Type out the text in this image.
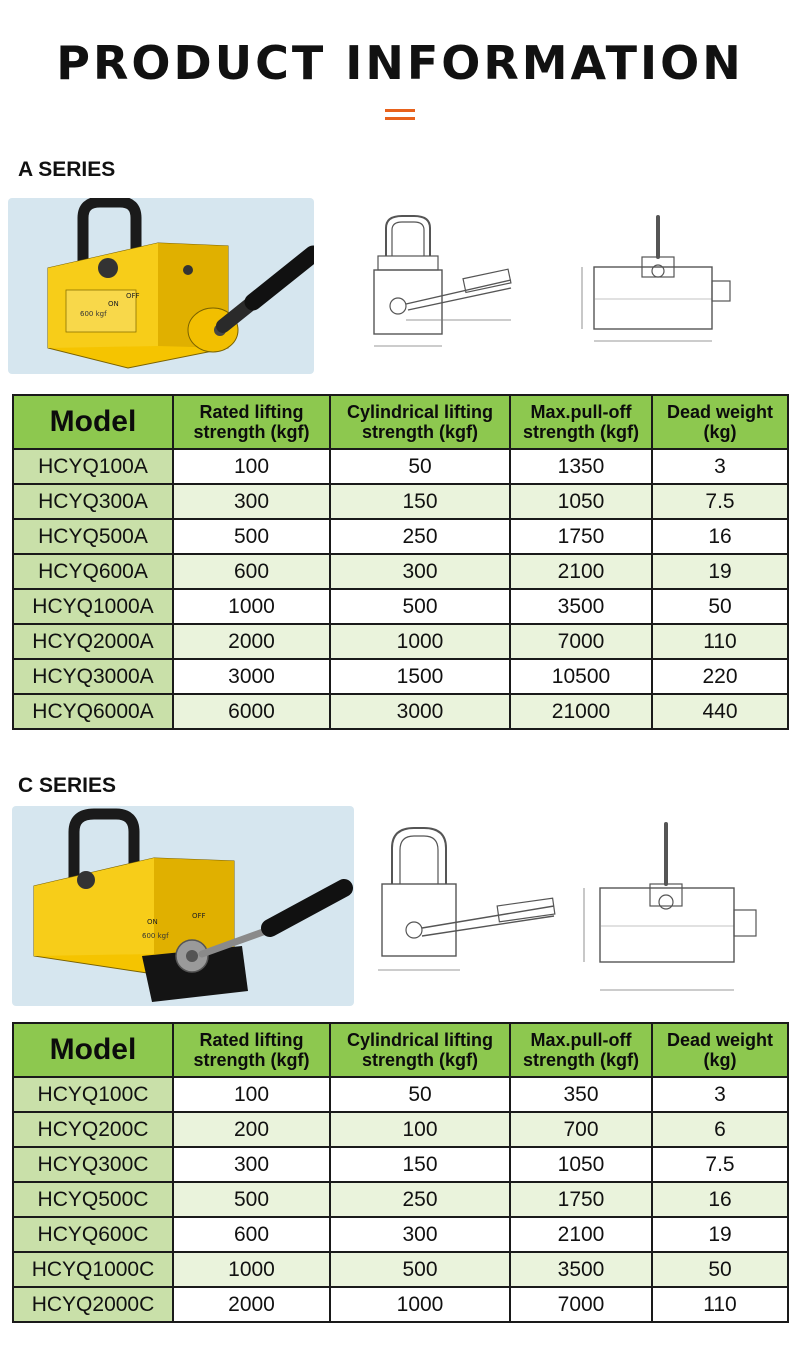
PRODUCT INFORMATION
A SERIES
600 kgf
ON
OFF
Model	Rated lifting strength (kgf)	Cylindrical lifting strength (kgf)	Max.pull-off strength (kgf)	Dead weight (kg)
HCYQ100A	100	50	1350	3
HCYQ300A	300	150	1050	7.5
HCYQ500A	500	250	1750	16
HCYQ600A	600	300	2100	19
HCYQ1000A	1000	500	3500	50
HCYQ2000A	2000	1000	7000	110
HCYQ3000A	3000	1500	10500	220
HCYQ6000A	6000	3000	21000	440
C SERIES
600 kgf
ON
OFF
Model	Rated lifting strength (kgf)	Cylindrical lifting strength (kgf)	Max.pull-off strength (kgf)	Dead weight (kg)
HCYQ100C	100	50	350	3
HCYQ200C	200	100	700	6
HCYQ300C	300	150	1050	7.5
HCYQ500C	500	250	1750	16
HCYQ600C	600	300	2100	19
HCYQ1000C	1000	500	3500	50
HCYQ2000C	2000	1000	7000	110
